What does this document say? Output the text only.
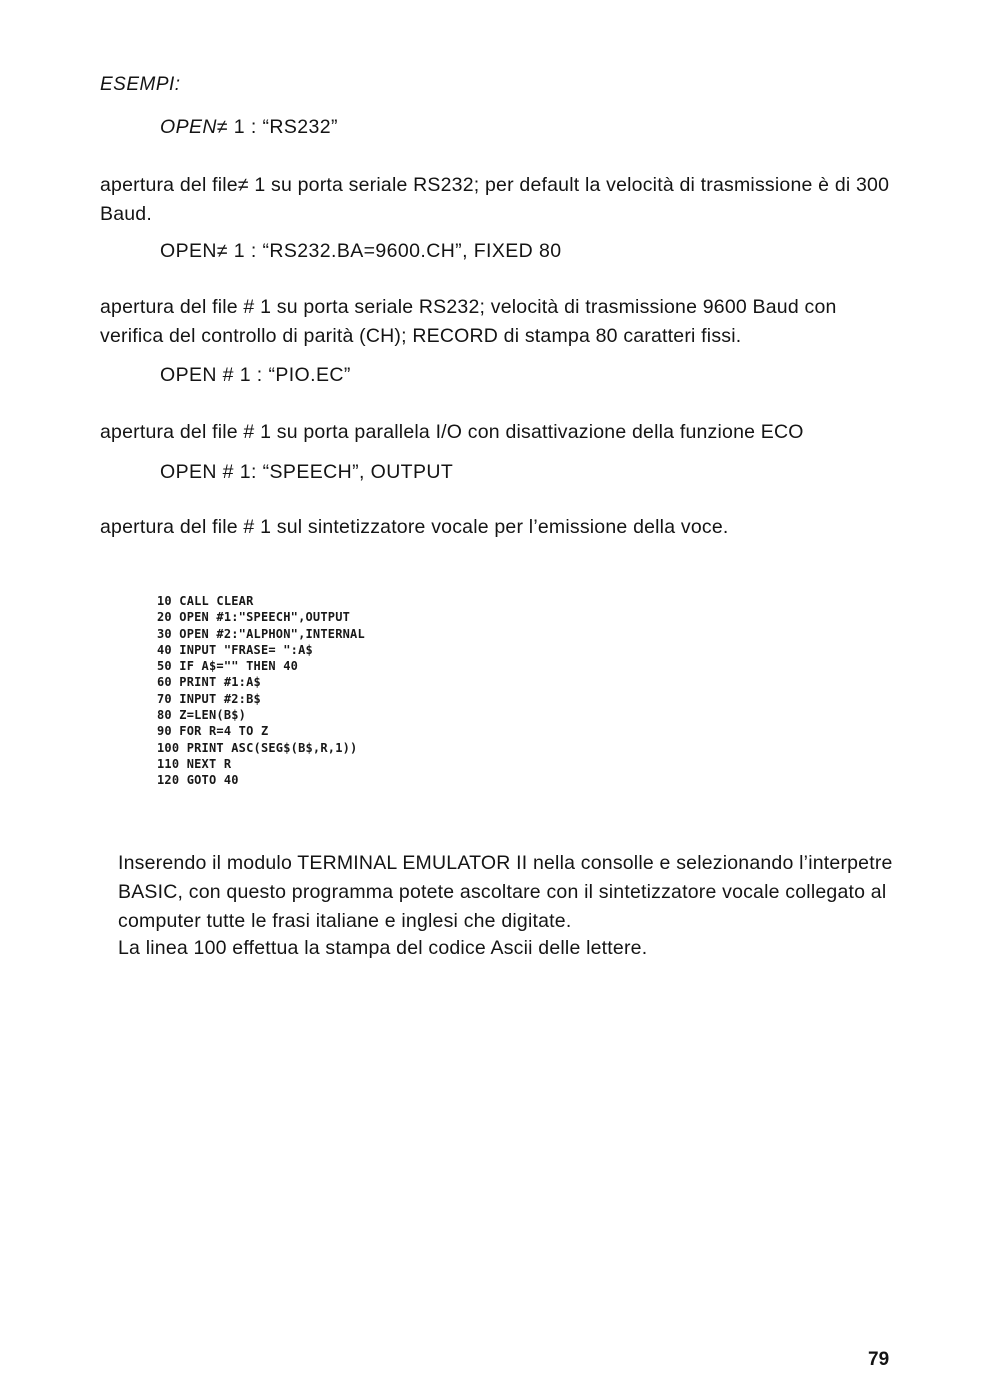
ESEMPI:
OPEN≠ 1 : “RS232”
apertura del file≠ 1 su porta seriale RS232; per default la velocità di trasmissione è di 300 Baud.
OPEN≠ 1 : “RS232.BA=9600.CH”, FIXED 80
apertura del file # 1 su porta seriale RS232; velocità di trasmissione 9600 Baud con verifica del controllo di parità (CH); RECORD di stampa 80 caratteri fissi.
OPEN # 1 : “PIO.EC”
apertura del file # 1 su porta parallela I/O con disattivazione della funzione ECO
OPEN # 1: “SPEECH”, OUTPUT
apertura del file # 1 sul sintetizzatore vocale per l’emissione della voce.
10 CALL CLEAR
20 OPEN #1:"SPEECH",OUTPUT
30 OPEN #2:"ALPHON",INTERNAL
40 INPUT "FRASE= ":A$
50 IF A$="" THEN 40
60 PRINT #1:A$
70 INPUT #2:B$
80 Z=LEN(B$)
90 FOR R=4 TO Z
100 PRINT ASC(SEG$(B$,R,1))
110 NEXT R
120 GOTO 40
Inserendo il modulo TERMINAL EMULATOR II nella consolle e selezionando l’interpetre BASIC, con questo programma potete ascoltare con il sintetizzatore vocale collegato al computer tutte le frasi italiane e inglesi che digitate.
La linea 100 effettua la stampa del codice Ascii delle lettere.
79
